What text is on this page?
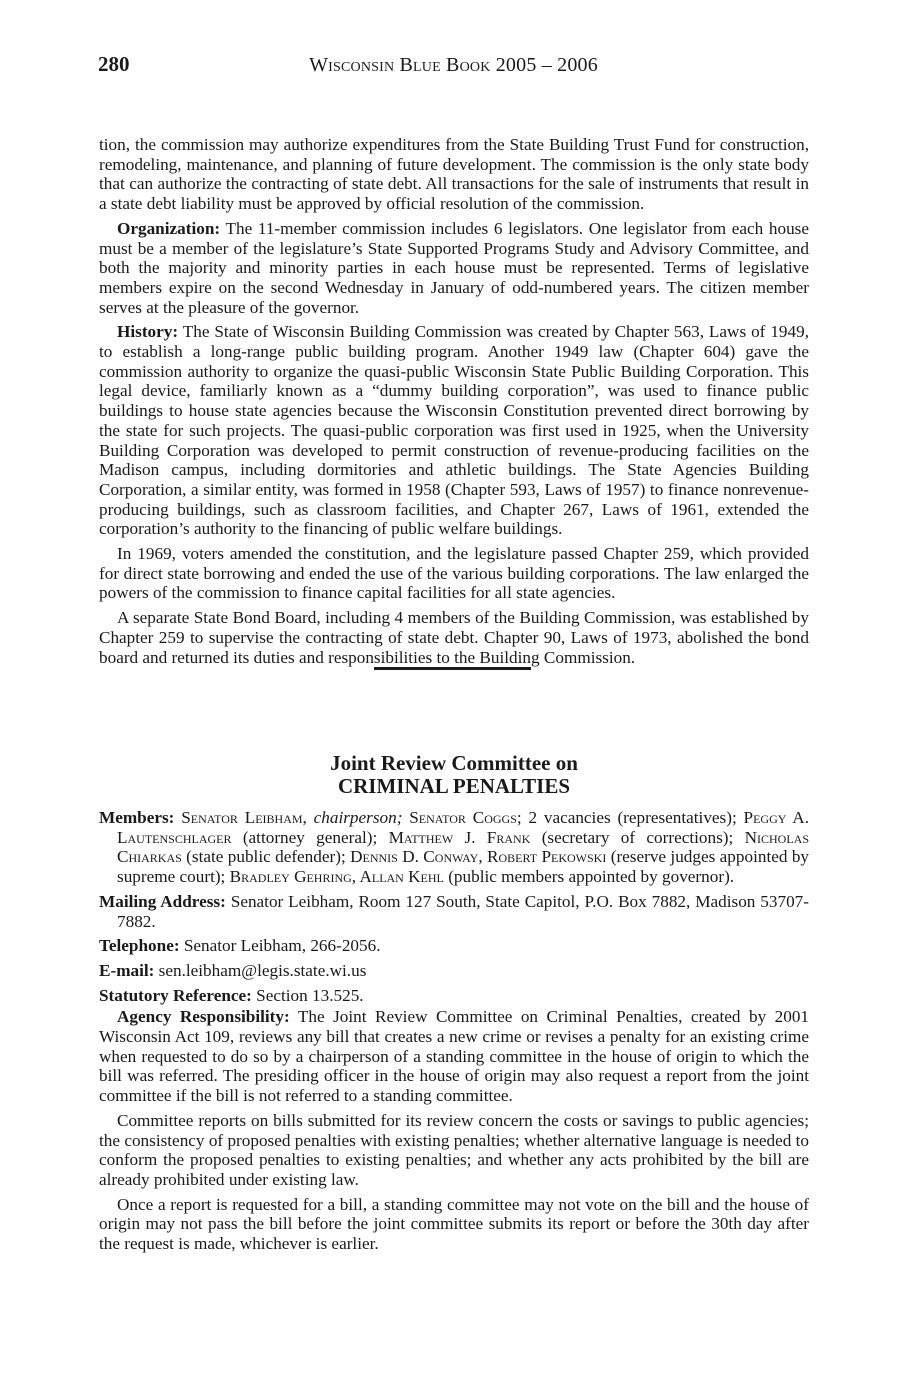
280	Wisconsin Blue Book 2005 – 2006

tion, the commission may authorize expenditures from the State Building Trust Fund for construction, remodeling, maintenance, and planning of future development. The commission is the only state body that can authorize the contracting of state debt. All transactions for the sale of instruments that result in a state debt liability must be approved by official resolution of the commission.

Organization: The 11-member commission includes 6 legislators. One legislator from each house must be a member of the legislature’s State Supported Programs Study and Advisory Committee, and both the majority and minority parties in each house must be represented. Terms of legislative members expire on the second Wednesday in January of odd-numbered years. The citizen member serves at the pleasure of the governor.

History: The State of Wisconsin Building Commission was created by Chapter 563, Laws of 1949, to establish a long-range public building program. Another 1949 law (Chapter 604) gave the commission authority to organize the quasi-public Wisconsin State Public Building Corporation. This legal device, familiarly known as a “dummy building corporation”, was used to finance public buildings to house state agencies because the Wisconsin Constitution prevented direct borrowing by the state for such projects. The quasi-public corporation was first used in 1925, when the University Building Corporation was developed to permit construction of revenue-producing facilities on the Madison campus, including dormitories and athletic buildings. The State Agencies Building Corporation, a similar entity, was formed in 1958 (Chapter 593, Laws of 1957) to finance nonrevenue-producing buildings, such as classroom facilities, and Chapter 267, Laws of 1961, extended the corporation’s authority to the financing of public welfare buildings.

In 1969, voters amended the constitution, and the legislature passed Chapter 259, which provided for direct state borrowing and ended the use of the various building corporations. The law enlarged the powers of the commission to finance capital facilities for all state agencies.

A separate State Bond Board, including 4 members of the Building Commission, was established by Chapter 259 to supervise the contracting of state debt. Chapter 90, Laws of 1973, abolished the bond board and returned its duties and responsibilities to the Building Commission.

Joint Review Committee on
CRIMINAL PENALTIES

Members: Senator Leibham, chairperson; Senator Coggs; 2 vacancies (representatives); Peggy A. Lautenschlager (attorney general); Matthew J. Frank (secretary of corrections); Nicholas Chiarkas (state public defender); Dennis D. Conway, Robert Pekowski (reserve judges appointed by supreme court); Bradley Gehring, Allan Kehl (public members appointed by governor).

Mailing Address: Senator Leibham, Room 127 South, State Capitol, P.O. Box 7882, Madison 53707-7882.

Telephone: Senator Leibham, 266-2056.

E-mail: sen.leibham@legis.state.wi.us

Statutory Reference: Section 13.525.

Agency Responsibility: The Joint Review Committee on Criminal Penalties, created by 2001 Wisconsin Act 109, reviews any bill that creates a new crime or revises a penalty for an existing crime when requested to do so by a chairperson of a standing committee in the house of origin to which the bill was referred. The presiding officer in the house of origin may also request a report from the joint committee if the bill is not referred to a standing committee.

Committee reports on bills submitted for its review concern the costs or savings to public agencies; the consistency of proposed penalties with existing penalties; whether alternative language is needed to conform the proposed penalties to existing penalties; and whether any acts prohibited by the bill are already prohibited under existing law.

Once a report is requested for a bill, a standing committee may not vote on the bill and the house of origin may not pass the bill before the joint committee submits its report or before the 30th day after the request is made, whichever is earlier.
